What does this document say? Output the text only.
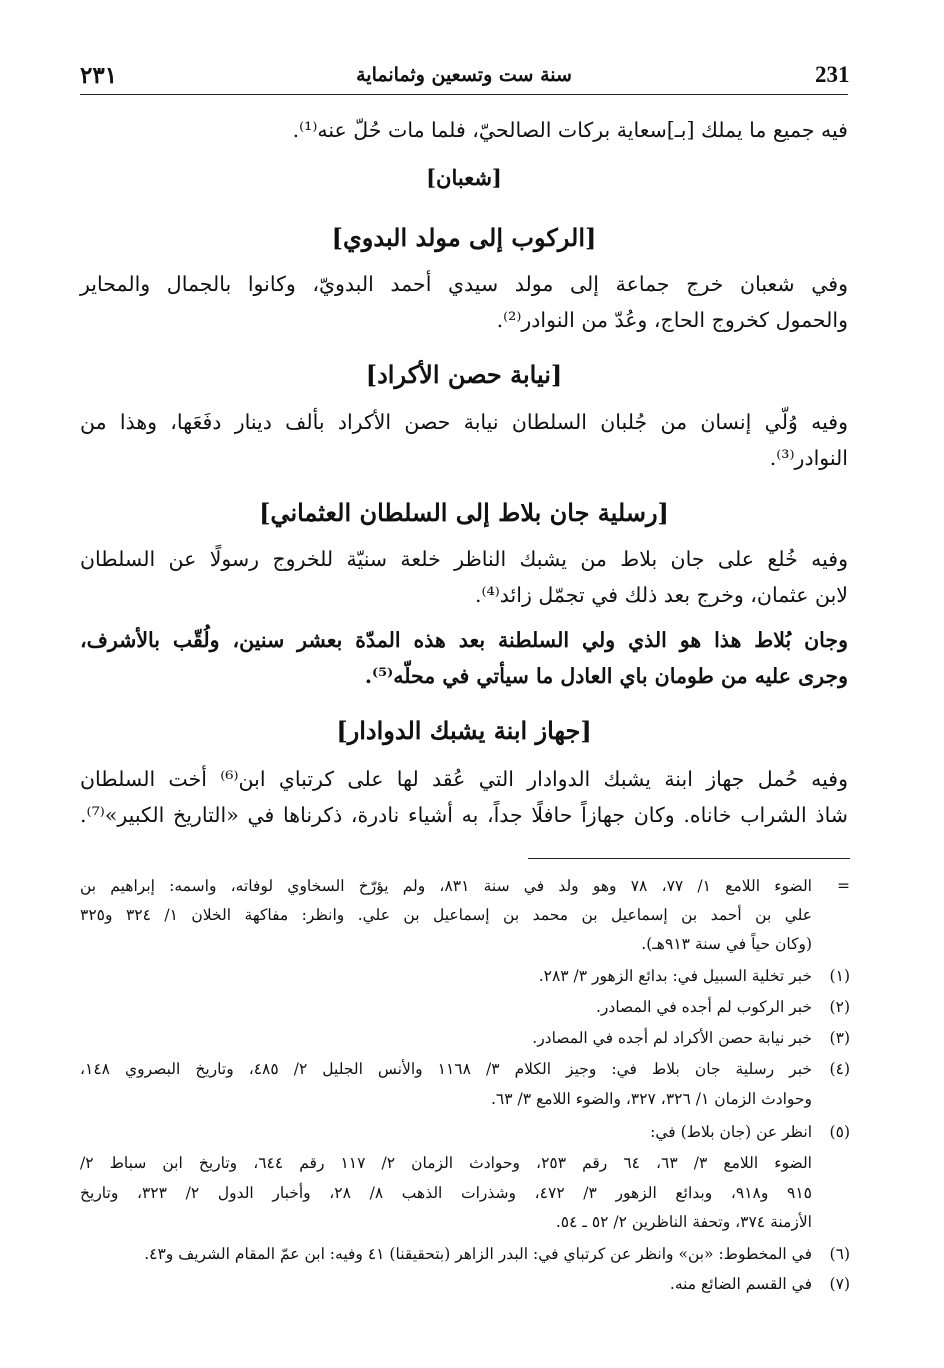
٢٣١	سنة ست وتسعين وثمانماية	231
فيه جميع ما يملك [بـ]سعاية بركات الصالحيّ، فلما مات حُلّ عنه⁽¹⁾.
[شعبان]
[الركوب إلى مولد البدوي]
وفي شعبان خرج جماعة إلى مولد سيدي أحمد البدويّ، وكانوا بالجمال والمحاير
والحمول كخروج الحاج، وعُدّ من النوادر⁽²⁾.
[نيابة حصن الأكراد]
وفيه وُلّي إنسان من جُلبان السلطان نيابة حصن الأكراد بألف دينار دفَعَها، وهذا من
النوادر⁽³⁾.
[رسلية جان بلاط إلى السلطان العثماني]
وفيه خُلع على جان بلاط من يشبك الناظر خلعة سنيّة للخروج رسولًا عن السلطان
لابن عثمان، وخرج بعد ذلك في تجمّل زائد⁽⁴⁾.
وجان بُلاط هذا هو الذي ولي السلطنة بعد هذه المدّة بعشر سنين، ولُقّب بالأشرف،
وجرى عليه من طومان باي العادل ما سيأتي في محلّه⁽⁵⁾.
[جهاز ابنة يشبك الدوادار]
وفيه حُمل جهاز ابنة يشبك الدوادار التي عُقد لها على كرتباي ابن⁽⁶⁾ أخت السلطان
شاذ الشراب خاناه. وكان جهازاً حافلًا جداً، به أشياء نادرة، ذكرناها في «التاريخ الكبير»⁽⁷⁾.
=
الضوء اللامع ١/ ٧٧، ٧٨ وهو ولد في سنة ٨٣١، ولم يؤرّخ السخاوي لوفاته، واسمه: إبراهيم بن
علي بن أحمد بن إسماعيل بن محمد بن إسماعيل بن علي. وانظر: مفاكهة الخلان ١/ ٣٢٤ و٣٢٥
(وكان حياً في سنة ٩١٣هـ).
(١)
خبر تخلية السبيل في: بدائع الزهور ٣/ ٢٨٣.
(٢)
خبر الركوب لم أجده في المصادر.
(٣)
خبر نيابة حصن الأكراد لم أجده في المصادر.
(٤)
خبر رسلية جان بلاط في: وجيز الكلام ٣/ ١١٦٨ والأنس الجليل ٢/ ٤٨٥، وتاريخ البصروي ١٤٨،
وحوادث الزمان ١/ ٣٢٦، ٣٢٧، والضوء اللامع ٣/ ٦٣.
(٥)
انظر عن (جان بلاط) في:
الضوء اللامع ٣/ ٦٣، ٦٤ رقم ٢٥٣، وحوادث الزمان ٢/ ١١٧ رقم ٦٤٤، وتاريخ ابن سباط ٢/
٩١٥ و٩١٨، وبدائع الزهور ٣/ ٤٧٢، وشذرات الذهب ٨/ ٢٨، وأخبار الدول ٢/ ٣٢٣، وتاريخ
الأزمنة ٣٧٤، وتحفة الناظرين ٢/ ٥٢ ـ ٥٤.
(٦)
في المخطوط: «بن» وانظر عن كرتباي في: البدر الزاهر (بتحقيقنا) ٤١ وفيه: ابن عمّ المقام الشريف و٤٣.
(٧)
في القسم الضائع منه.
